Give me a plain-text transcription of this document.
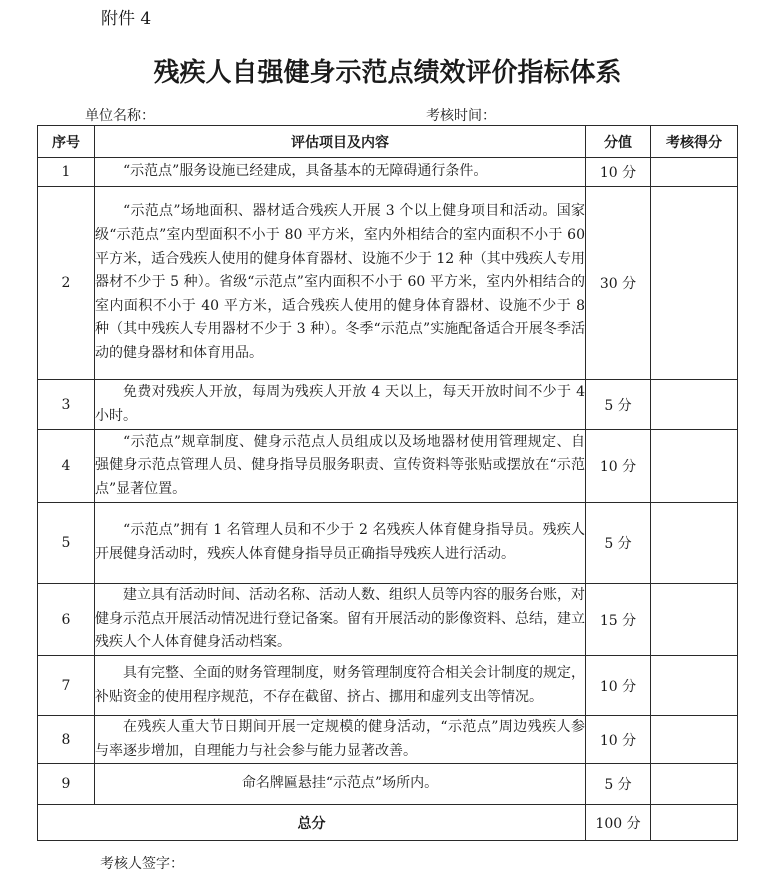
附件 4
残疾人自强健身示范点绩效评价指标体系
单位名称：	考核时间：
序号	评估项目及内容	分值	考核得分
1	“示范点”服务设施已经建成，具备基本的无障碍通行条件。	10 分	
2	“示范点”场地面积、器材适合残疾人开展 3 个以上健身项目和活动。国家级“示范点”室内型面积不小于 80 平方米，室内外相结合的室内面积不小于 60 平方米，适合残疾人使用的健身体育器材、设施不少于 12 种（其中残疾人专用器材不少于 5 种）。省级“示范点”室内面积不小于 60 平方米，室内外相结合的室内面积不小于 40 平方米，适合残疾人使用的健身体育器材、设施不少于 8 种（其中残疾人专用器材不少于 3 种）。冬季“示范点”实施配备适合开展冬季活动的健身器材和体育用品。	30 分	
3	免费对残疾人开放，每周为残疾人开放 4 天以上，每天开放时间不少于 4 小时。	5 分	
4	“示范点”规章制度、健身示范点人员组成以及场地器材使用管理规定、自强健身示范点管理人员、健身指导员服务职责、宣传资料等张贴或摆放在“示范点”显著位置。	10 分	
5	“示范点”拥有 1 名管理人员和不少于 2 名残疾人体育健身指导员。残疾人开展健身活动时，残疾人体育健身指导员正确指导残疾人进行活动。	5 分	
6	建立具有活动时间、活动名称、活动人数、组织人员等内容的服务台账，对健身示范点开展活动情况进行登记备案。留有开展活动的影像资料、总结，建立残疾人个人体育健身活动档案。	15 分	
7	具有完整、全面的财务管理制度，财务管理制度符合相关会计制度的规定，补贴资金的使用程序规范，不存在截留、挤占、挪用和虚列支出等情况。	10 分	
8	在残疾人重大节日期间开展一定规模的健身活动，“示范点”周边残疾人参与率逐步增加，自理能力与社会参与能力显著改善。	10 分	
9	命名牌匾悬挂“示范点”场所内。	5 分	
总分		100 分	
考核人签字：
